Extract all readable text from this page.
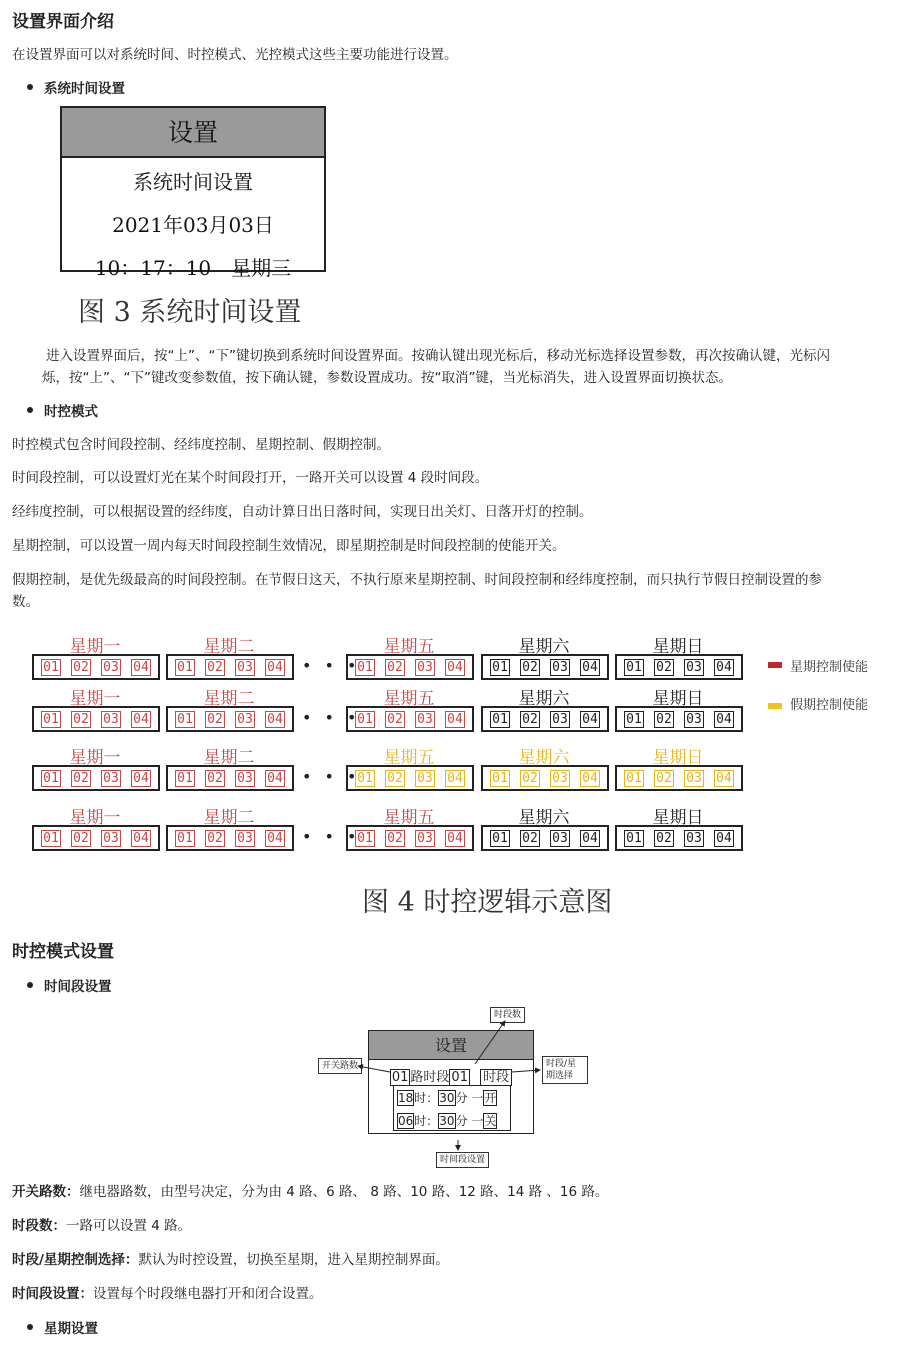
设置界面介绍

在设置界面可以对系统时间、时控模式、光控模式这些主要功能进行设置。

系统时间设置
设置
系统时间设置
2021年03月03日
10：17：10　星期三
图 3 系统时间设置

进入设置界面后，按“上”、“下”键切换到系统时间设置界面。按确认键出现光标后，移动光标选择设置参数，再次按确认键，光标闪

烁，按“上”、“下”键改变参数值，按下确认键，参数设置成功。按“取消”键，当光标消失，进入设置界面切换状态。

时控模式

时控模式包含时间段控制、经纬度控制、星期控制、假期控制。

时间段控制，可以设置灯光在某个时间段打开，一路开关可以设置 4 段时间段。

经纬度控制，可以根据设置的经纬度，自动计算日出日落时间，实现日出关灯、日落开灯的控制。

星期控制，可以设置一周内每天时间段控制生效情况，即星期控制是时间段控制的使能开关。

假期控制，是优先级最高的时间段控制。在节假日这天，不执行原来星期控制、时间段控制和经纬度控制，而只执行节假日控制设置的参

数。

星期一
01 02 03 04
星期二
01 02 03 04
星期五
01 02 03 04
星期六
01 02 03 04
星期日
01 02 03 04
• • •
星期一
01 02 03 04
星期二
01 02 03 04
星期五
01 02 03 04
星期六
01 02 03 04
星期日
01 02 03 04
• • •
星期一
01 02 03 04
星期二
01 02 03 04
星期五
01 02 03 04
星期六
01 02 03 04
星期日
01 02 03 04
• • •
星期一
01 02 03 04
星期二
01 02 03 04
星期五
01 02 03 04
星期六
01 02 03 04
星期日
01 02 03 04
• • •
星期控制使能
假期控制使能
图 4 时控逻辑示意图
时控模式设置
时间段设置
设置
01 路时段 01 时段
18时：30分 一开
06时：30分 一关
时段数
开关路数	时段/星期选择
时间段设置

开关路数：继电器路数，由型号决定，分为由 4 路、6 路、 8 路、10 路、12 路、14 路 、16 路。

时段数：一路可以设置 4 路。

时段/星期控制选择：默认为时控设置，切换至星期，进入星期控制界面。

时间段设置：设置每个时段继电器打开和闭合设置。

星期设置
